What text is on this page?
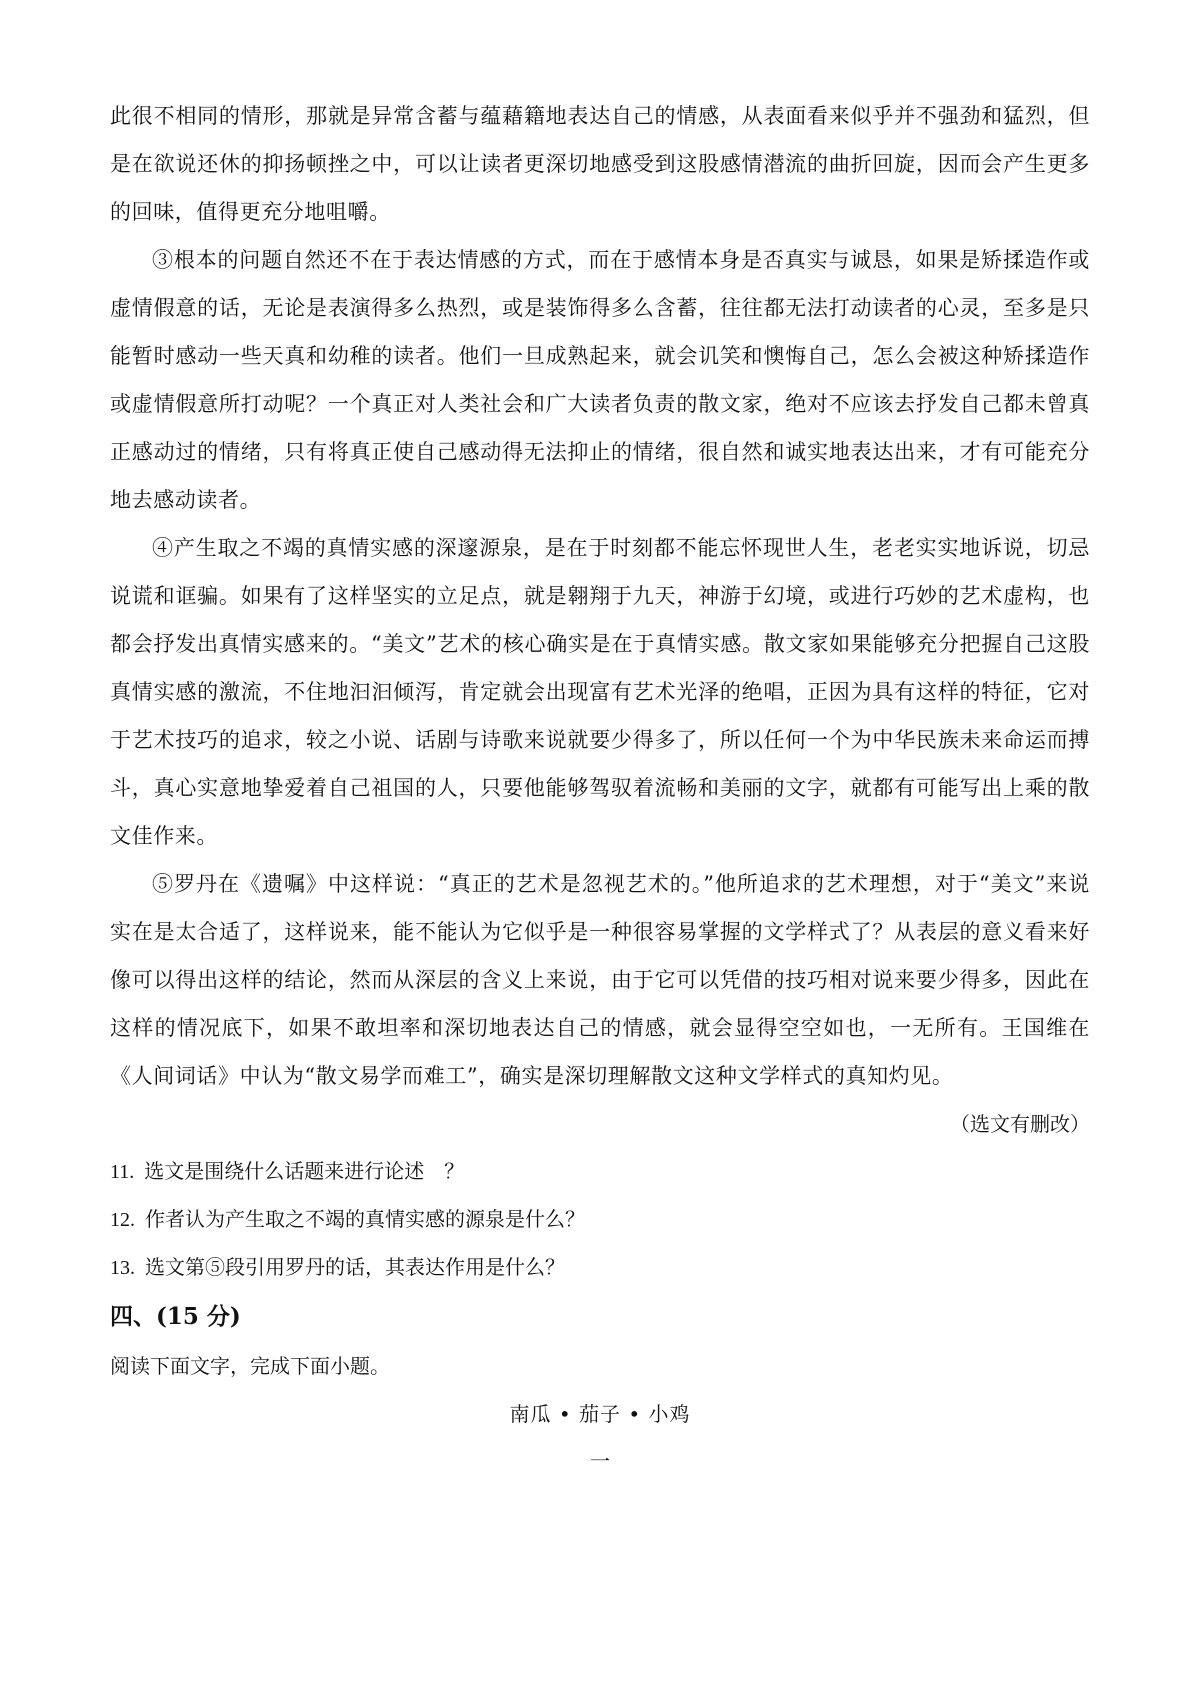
此很不相同的情形，那就是异常含蓄与蕴藉籍地表达自己的情感，从表面看来似乎并不强劲和猛烈，但是在欲说还休的抑扬顿挫之中，可以让读者更深切地感受到这股感情潜流的曲折回旋，因而会产生更多的回味，值得更充分地咀嚼。

③根本的问题自然还不在于表达情感的方式，而在于感情本身是否真实与诚恳，如果是矫揉造作或虚情假意的话，无论是表演得多么热烈，或是装饰得多么含蓄，往往都无法打动读者的心灵，至多是只能暂时感动一些天真和幼稚的读者。他们一旦成熟起来，就会讥笑和懊悔自己，怎么会被这种矫揉造作或虚情假意所打动呢？一个真正对人类社会和广大读者负责的散文家，绝对不应该去抒发自己都未曾真正感动过的情绪，只有将真正使自己感动得无法抑止的情绪，很自然和诚实地表达出来，才有可能充分地去感动读者。

④产生取之不竭的真情实感的深邃源泉，是在于时刻都不能忘怀现世人生，老老实实地诉说，切忌说谎和诓骗。如果有了这样坚实的立足点，就是翱翔于九天，神游于幻境，或进行巧妙的艺术虚构，也都会抒发出真情实感来的。“美文”艺术的核心确实是在于真情实感。散文家如果能够充分把握自己这股真情实感的激流，不住地汩汩倾泻，肯定就会出现富有艺术光泽的绝唱，正因为具有这样的特征，它对于艺术技巧的追求，较之小说、话剧与诗歌来说就要少得多了，所以任何一个为中华民族未来命运而搏斗，真心实意地挚爱着自己祖国的人，只要他能够驾驭着流畅和美丽的文字，就都有可能写出上乘的散文佳作来。

⑤罗丹在《遗嘱》中这样说：“真正的艺术是忽视艺术的。”他所追求的艺术理想，对于“美文”来说实在是太合适了，这样说来，能不能认为它似乎是一种很容易掌握的文学样式了？从表层的意义看来好像可以得出这样的结论，然而从深层的含义上来说，由于它可以凭借的技巧相对说来要少得多，因此在这样的情况底下，如果不敢坦率和深切地表达自己的情感，就会显得空空如也，一无所有。王国维在《人间词话》中认为“散文易学而难工”，确实是深切理解散文这种文学样式的真知灼见。

（选文有删改）

11. 选文是围绕什么话题来进行论述　？

12. 作者认为产生取之不竭的真情实感的源泉是什么？

13. 选文第⑤段引用罗丹的话，其表达作用是什么？

四、(15 分)

阅读下面文字，完成下面小题。

南瓜 • 茄子 • 小鸡

一
